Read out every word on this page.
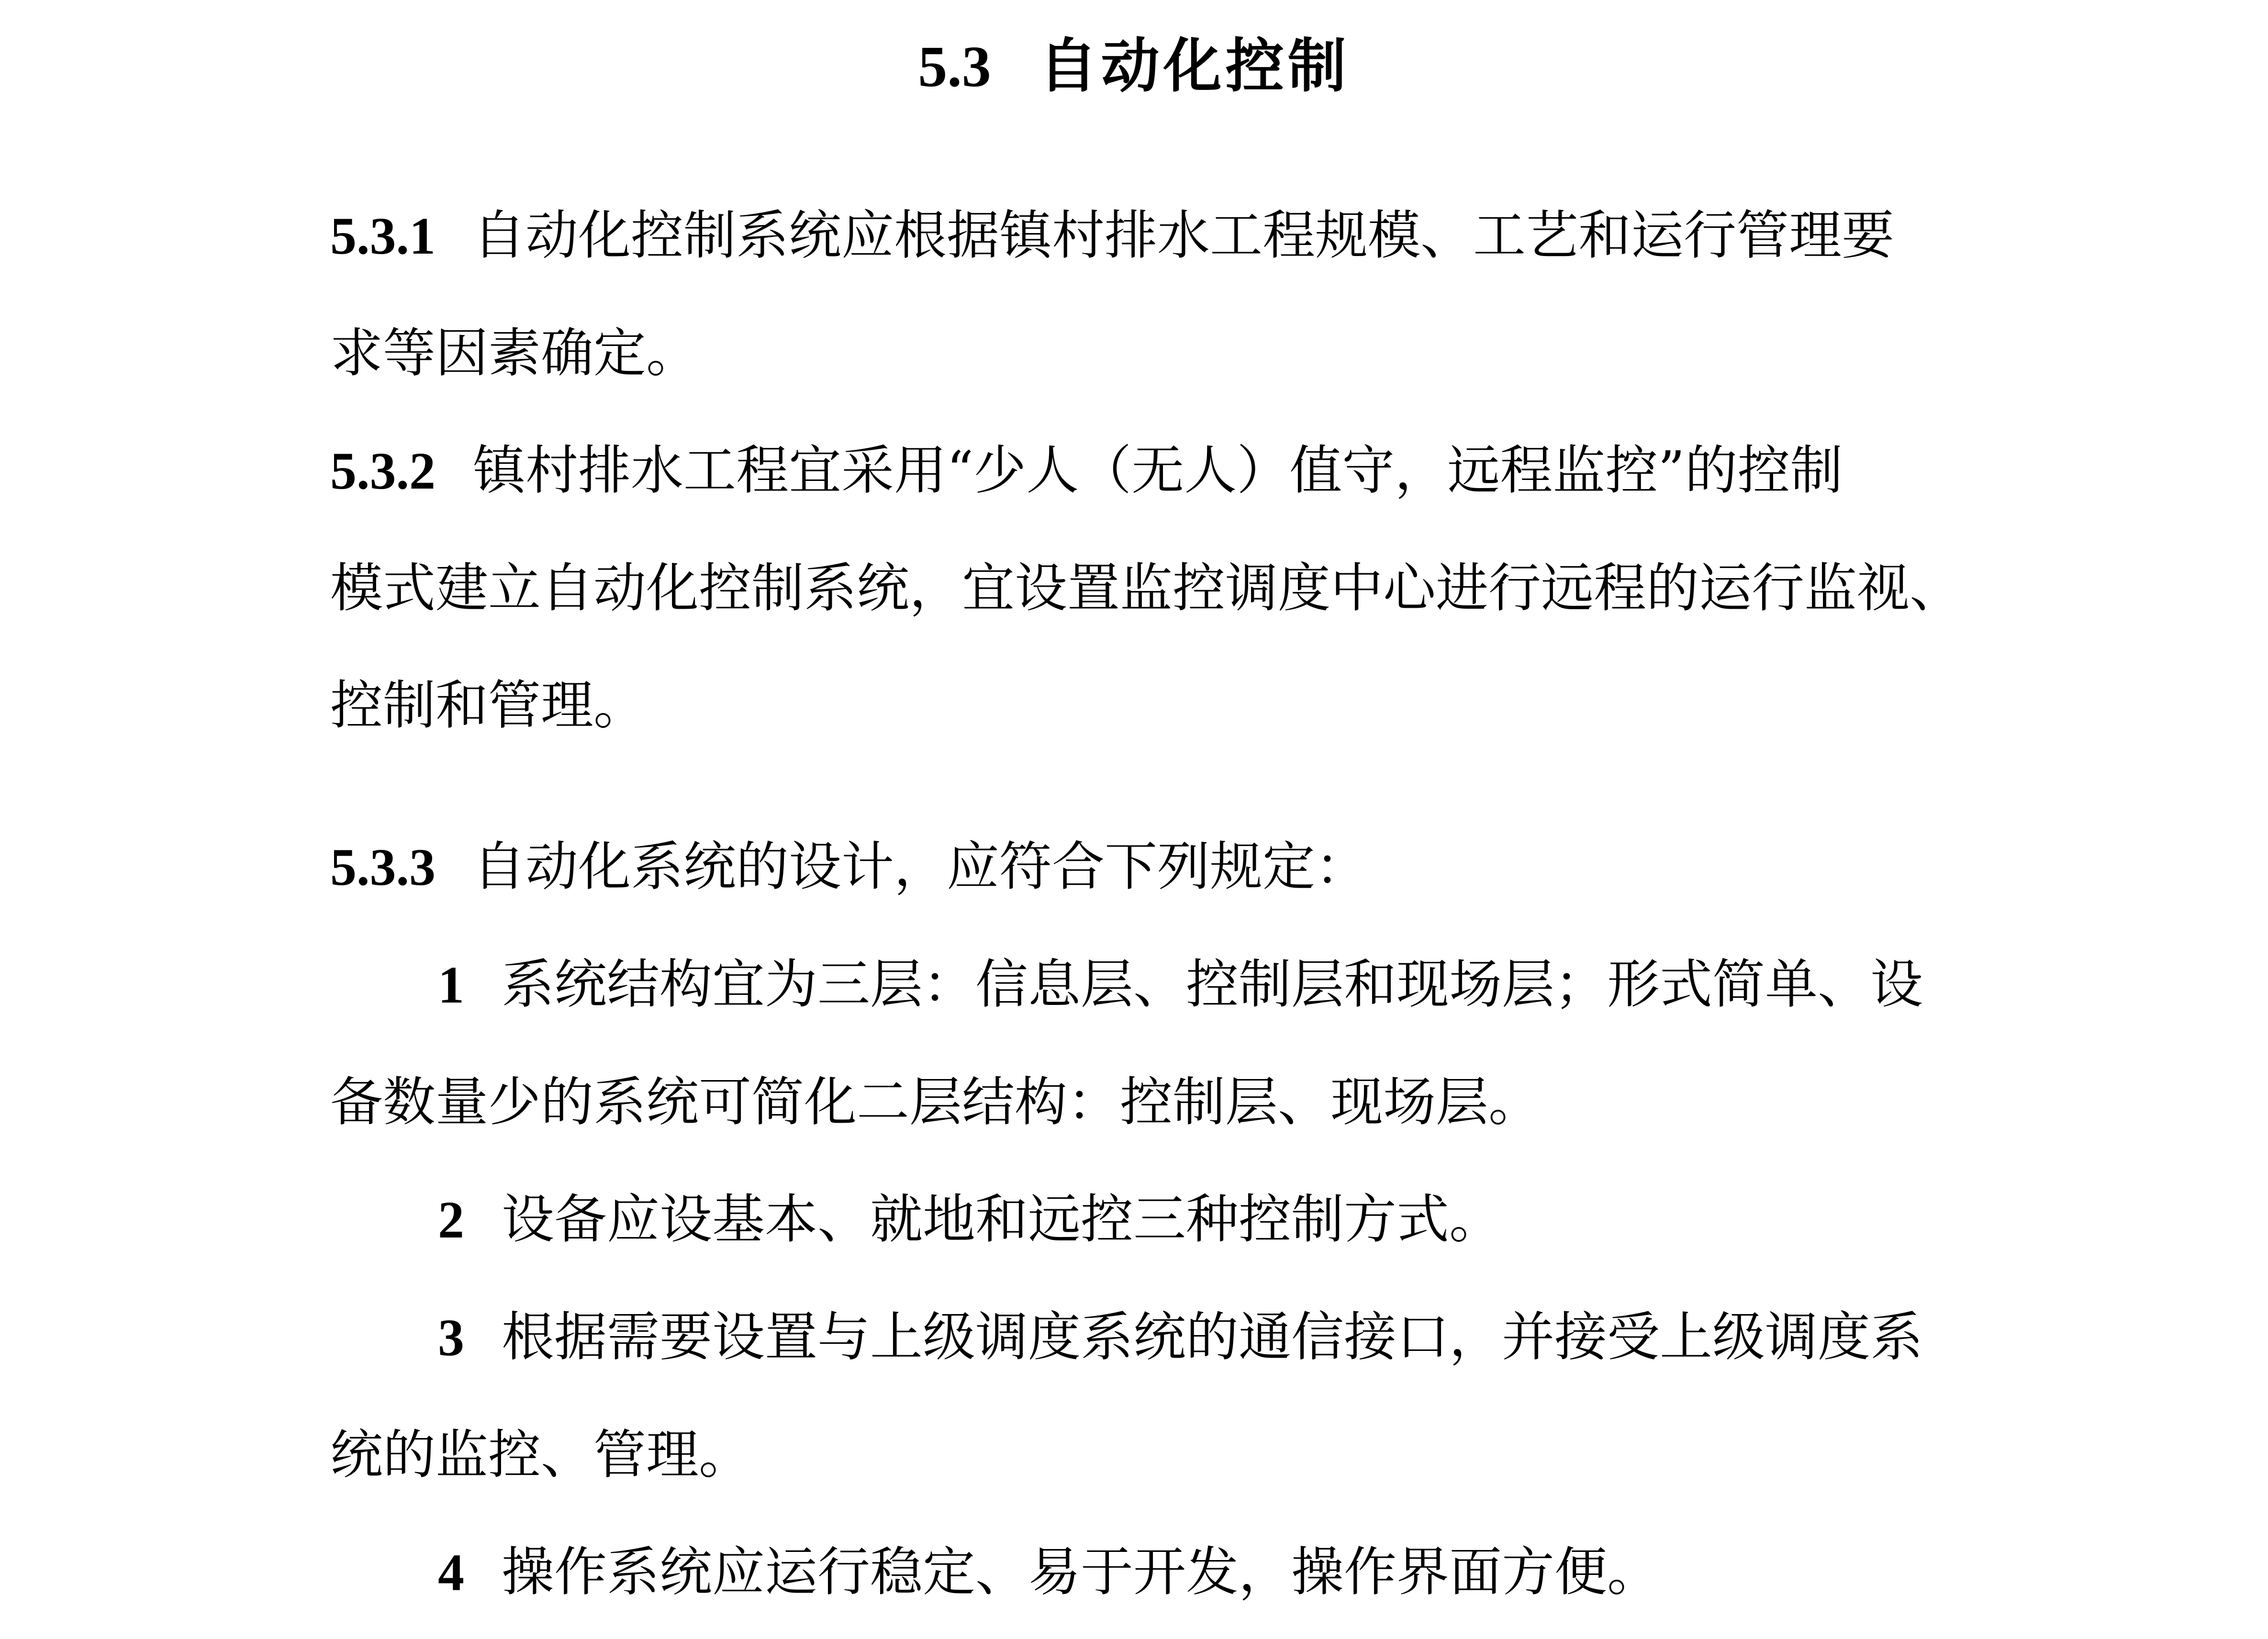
5.3 自动化控制
5.3.1 自动化控制系统应根据镇村排水工程规模、工艺和运行管理要
求等因素确定。
5.3.2 镇村排水工程宜采用“少人（无人）值守，远程监控”的控制
模式建立自动化控制系统，宜设置监控调度中心进行远程的运行监视、
控制和管理。
5.3.3 自动化系统的设计，应符合下列规定：
1 系统结构宜为三层：信息层、控制层和现场层；形式简单、设
备数量少的系统可简化二层结构：控制层、现场层。
2 设备应设基本、就地和远控三种控制方式。
3 根据需要设置与上级调度系统的通信接口，并接受上级调度系
统的监控、管理。
4 操作系统应运行稳定、易于开发，操作界面方便。
